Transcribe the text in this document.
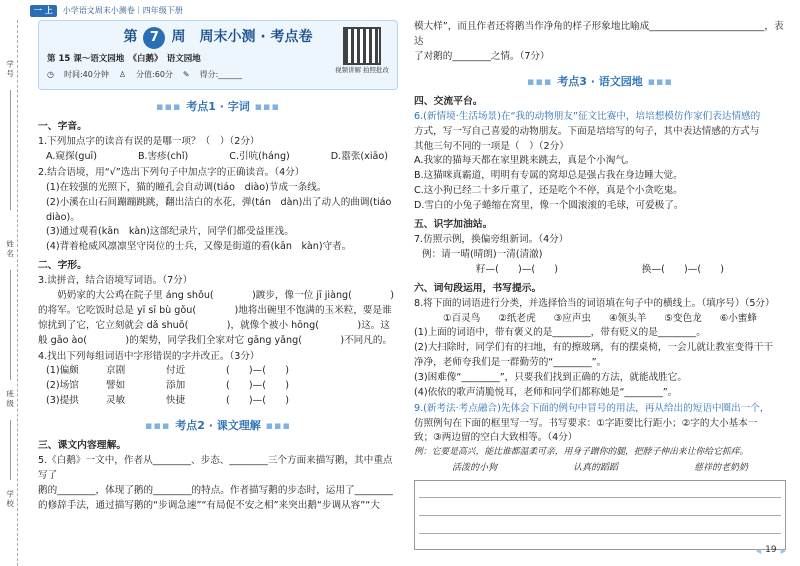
一 上	小学语文周末小测卷｜四年级下册
学号
姓名
班级
学校
第 7 周　周末小测 · 考点卷
第 15 课～语文园地　《白鹅》　语文园地
◷ 时间:40分钟 ♙ 分值:60分 ✎ 得分:______
视频讲解 拍照批改
▪▪▪ 考点1 · 字词 ▪▪▪
一、字音。
1.下列加点字的读音有误的是哪一项？（　）（2分）
A.窥探(guī)	B.害疹(chǐ)	C.引吭(háng)	D.嚣张(xiāo)
2.结合语境，用“√”选出下列句子中加点字的正确读音。（4分）
(1)在较强的光照下，猫的瞳孔会自动调(tiáo　diào)节成一条线。
(2)小溪在山石间蹦蹦跳跳，翻出洁白的水花，弹(tán　dàn)出了动人的曲调(tiáo　diào)。
(3)通过观看(kān　kàn)这部纪录片，同学们都受益匪浅。
(4)背着枪威风凛凛坚守岗位的士兵，又像是街道的看(kān　kàn)守者。
二、字形。
3.读拼音，结合语境写词语。（7分）
奶奶家的大公鸡在院子里 áng shǒu(　　　　)踱步，像一位 jī jiàng(　　　　)的将军。它吃饭时总是 yī sī bù gǒu(　　　　)地将出碗里不饱满的玉米粒，要是谁惊扰到了它，它立刻就会 dǎ shuō(　　　　)，就像个被小 hōng(　　　　)这。这般 gāo ào(　　　　)的架势，同学我们全家对它 gāng yǎng(　　　　)不同凡的。
4.找出下列每组词语中字形错误的字并改正。（3分）
(1)偏颇	京剧	付近	(　　)—(　　)
(2)场馆	譬如	添加	(　　)—(　　)
(3)提拱	灵敏	快捷	(　　)—(　　)
▪▪▪ 考点2 · 课文理解 ▪▪▪
三、课文内容理解。
5.《白鹅》一文中，作者从________、步态、________三个方面来描写鹅，其中重点写了
鹅的________，体现了鹅的________的特点。作者描写鹅的步态时，运用了________
的修辞手法，通过描写鹅的“步调急速”“有局促不安之相”来突出鹅“步调从容”“大
模大样”，而且作者还将鹅当作净角的样子形象地比喻成________________________，表达
了对鹅的________之情。（7分）
▪▪▪ 考点3 · 语文园地 ▪▪▪
四、交流平台。
6.(新情境·生活场景)在“我的动物朋友”征文比赛中，培培想模仿作家们表达情感的
方式，写一写自己喜爱的动物朋友。下面是培培写的句子，其中表达情感的方式与
其他三句不同的一项是（　）（2分）
A.我家的猫每天都在家里跳来跳去，真是个小淘气。
B.这猫咪真霸道，明明有专属的窝却总是强占我在身边睡大觉。
C.这小狗已经二十多斤重了，还是吃个不停，真是个小贪吃鬼。
D.雪白的小兔子蜷缩在窝里，像一个圆滚滚的毛球，可爱极了。
五、识字加油站。
7.仿照示例，换偏旁组新词。（4分）
例：请一晴(晴朗)一清(清澈)
籽—(　　)—(　　)	换—(　　)—(　　)
六、词句段运用，书写提示。
8.将下面的词语进行分类，并选择恰当的词语填在句子中的横线上。（填序号）（5分）
①百灵鸟 ②纸老虎 ③应声虫 ④领头羊 ⑤变色龙 ⑥小蜜蜂
(1)上面的词语中，带有褒义的是________，带有贬义的是________。
(2)大扫除时，同学们有的扫地，有的擦玻璃，有的摆桌椅，一会儿就让教室变得干干
净净，老师夸我们是一群勤劳的“________”。
(3)困难像“________”，只要我们找到正确的方法，就能战胜它。
(4)依依的歌声清脆悦耳，老师和同学们都称她是“________”。
9.(新考法·考点融合)先体会下面的例句中冒号的用法，再从给出的短语中圈出一个，
仿照例句在下面的框里写一写。书写要求：①字距要比行距小；②字的大小基本一
致；③两边留的空白大致相等。（4分）
例：它要是高兴，能比谁都温柔可亲，用身子蹭你的腿，把脖子伸出来让你给它抓痒。
活泼的小狗	认真的蹈蹈	慈祥的老奶奶
◀ 19 ▶
